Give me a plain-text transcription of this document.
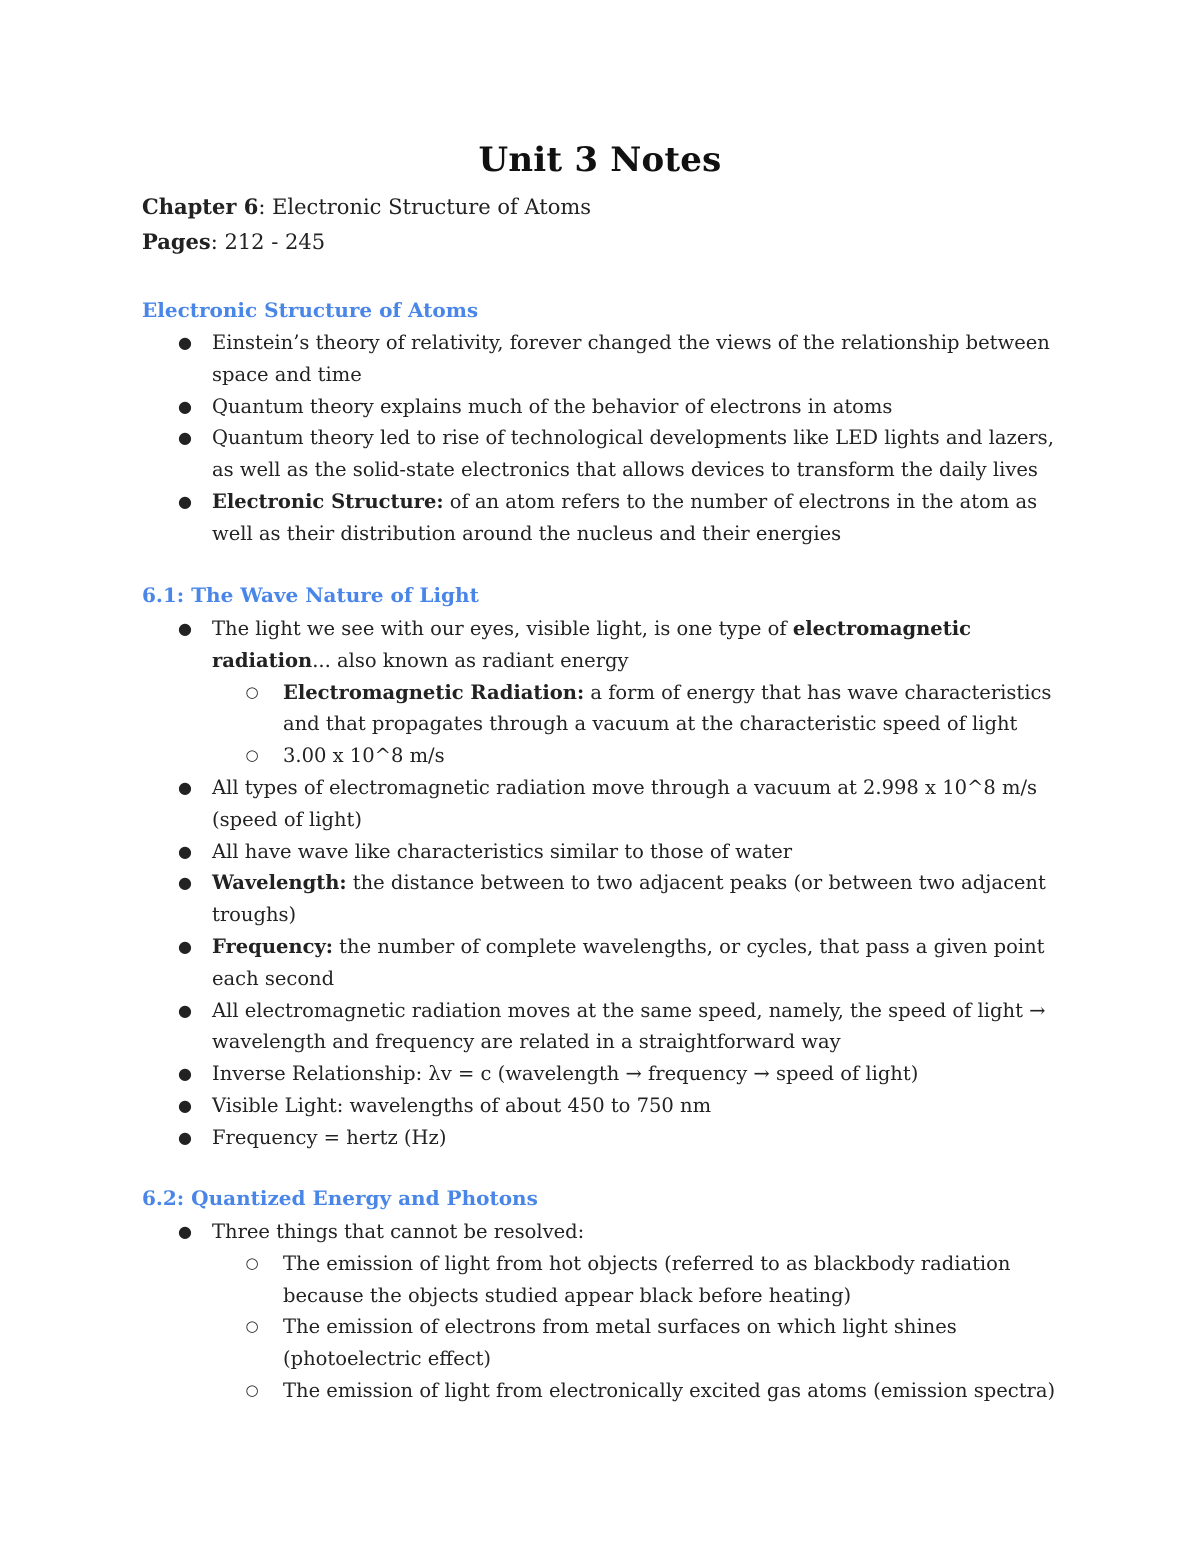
Unit 3 Notes
Chapter 6: Electronic Structure of Atoms
Pages: 212 - 245
Electronic Structure of Atoms
● Einstein’s theory of relativity, forever changed the views of the relationship between space and time
● Quantum theory explains much of the behavior of electrons in atoms
● Quantum theory led to rise of technological developments like LED lights and lazers, as well as the solid-state electronics that allows devices to transform the daily lives
● Electronic Structure: of an atom refers to the number of electrons in the atom as well as their distribution around the nucleus and their energies
6.1: The Wave Nature of Light
● The light we see with our eyes, visible light, is one type of electromagnetic radiation... also known as radiant energy
○ Electromagnetic Radiation: a form of energy that has wave characteristics and that propagates through a vacuum at the characteristic speed of light
○ 3.00 x 10^8 m/s
● All types of electromagnetic radiation move through a vacuum at 2.998 x 10^8 m/s (speed of light)
● All have wave like characteristics similar to those of water
● Wavelength: the distance between to two adjacent peaks (or between two adjacent troughs)
● Frequency: the number of complete wavelengths, or cycles, that pass a given point each second
● All electromagnetic radiation moves at the same speed, namely, the speed of light → wavelength and frequency are related in a straightforward way
● Inverse Relationship: λv = c (wavelength → frequency → speed of light)
● Visible Light: wavelengths of about 450 to 750 nm
● Frequency = hertz (Hz)
6.2: Quantized Energy and Photons
● Three things that cannot be resolved:
○ The emission of light from hot objects (referred to as blackbody radiation because the objects studied appear black before heating)
○ The emission of electrons from metal surfaces on which light shines (photoelectric effect)
○ The emission of light from electronically excited gas atoms (emission spectra)
